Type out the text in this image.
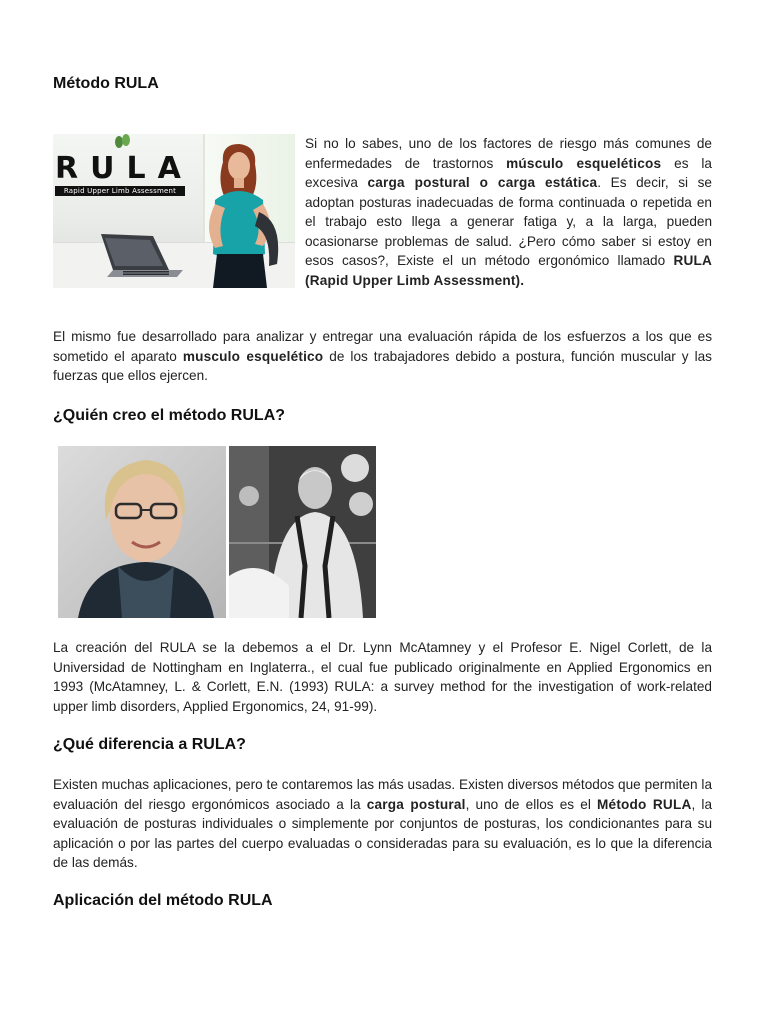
Método RULA

RULA
Rapid Upper Limb Assessment
Si no lo sabes, uno de los factores de riesgo más comunes de enfermedades de trastornos músculo esqueléticos es la excesiva carga postural o carga estática. Es decir, si se adoptan posturas inadecuadas de forma continuada o repetida en el trabajo esto llega a generar fatiga y, a la larga, pueden ocasionarse problemas de salud. ¿Pero cómo saber si estoy en esos casos?, Existe el un método ergonómico llamado RULA (Rapid Upper Limb Assessment).

El mismo fue desarrollado para analizar y entregar una evaluación rápida de los esfuerzos a los que es sometido el aparato musculo esquelético de los trabajadores debido a postura, función muscular y las fuerzas que ellos ejercen.

¿Quién creo el método RULA?

La creación del RULA se la debemos a el Dr. Lynn McAtamney y el Profesor E. Nigel Corlett, de la Universidad de Nottingham en Inglaterra., el cual fue publicado originalmente en Applied Ergonomics en 1993 (McAtamney, L. & Corlett, E.N. (1993) RULA: a survey method for the investigation of work-related upper limb disorders, Applied Ergonomics, 24, 91-99).

¿Qué diferencia a RULA?

Existen muchas aplicaciones, pero te contaremos las más usadas. Existen diversos métodos que permiten la evaluación del riesgo ergonómicos asociado a la carga postural, uno de ellos es el Método RULA, la evaluación de posturas individuales o simplemente por conjuntos de posturas, los condicionantes para su aplicación o por las partes del cuerpo evaluadas o consideradas para su evaluación, es lo que la diferencia de las demás.

Aplicación del método RULA
